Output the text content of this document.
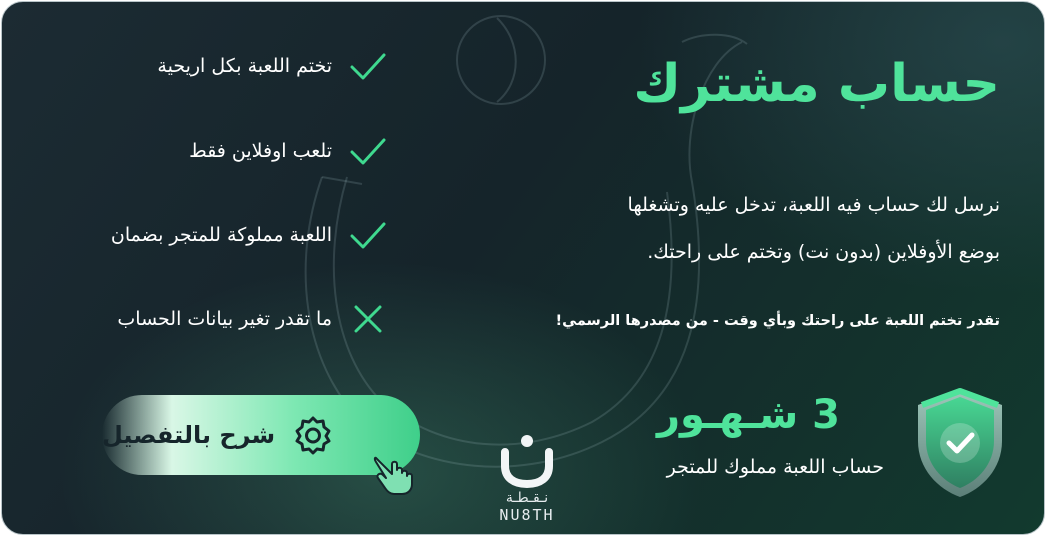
حساب مشترك
نرسل لك حساب فيه اللعبة، تدخل عليه وتشغلها
بوضع الأوفلاين (بدون نت) وتختم على راحتك.
تقدر تختم اللعبة على راحتك وبأي وقت - من مصدرها الرسمي!
تختم اللعبة بكل اريحية
تلعب اوفلاين فقط
اللعبة مملوكة للمتجر بضمان
ما تقدر تغير بيانات الحساب
شرح بالتفصيل
نـقـطـة
NU8TH
3 شـهـور
حساب اللعبة مملوك للمتجر
